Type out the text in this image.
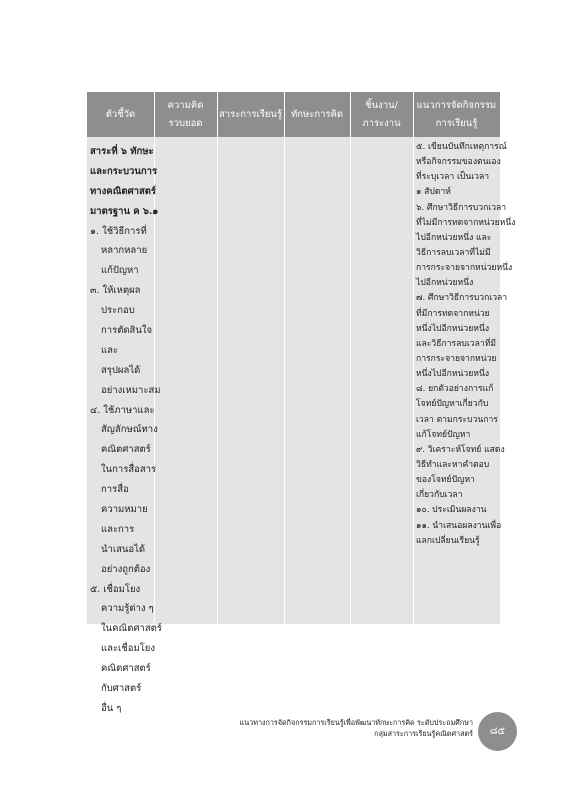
ตัวชี้วัด
ความคิด
รวบยอด
สาระการเรียนรู้ ทักษะการคิด
ชิ้นงาน/
ภาระงาน
แนวการจัดกิจกรรม
การเรียนรู้
สาระที่ ๖ ทักษะ
และกระบวนการ
ทางคณิตศาสตร์
มาตรฐาน ค ๖.๑
๑. ใช้วิธีการที่
หลากหลาย
แก้ปัญหา
๓. ให้เหตุผล
ประกอบ
การตัดสินใจ
และ
สรุปผลได้
อย่างเหมาะสม
๔. ใช้ภาษาและ
สัญลักษณ์ทาง
คณิตศาสตร์
ในการสื่อสาร
การสื่อ
ความหมาย
และการ
นำเสนอได้
อย่างถูกต้อง
๕. เชื่อมโยง
ความรู้ต่าง ๆ
ในคณิตศาสตร์
และเชื่อมโยง
คณิตศาสตร์
กับศาสตร์
อื่น ๆ
๕. เขียนบันทึกเหตุการณ์
หรือกิจกรรมของตนเอง
ที่ระบุเวลา เป็นเวลา
๑ สัปดาห์
๖. ศึกษาวิธีการบวกเวลา
ที่ไม่มีการทดจากหน่วยหนึ่ง
ไปอีกหน่วยหนึ่ง และ
วิธีการลบเวลาที่ไม่มี
การกระจายจากหน่วยหนึ่ง
ไปอีกหน่วยหนึ่ง
๗. ศึกษาวิธีการบวกเวลา
ที่มีการทดจากหน่วย
หนึ่งไปอีกหน่วยหนึ่ง
และวิธีการลบเวลาที่มี
การกระจายจากหน่วย
หนึ่งไปอีกหน่วยหนึ่ง
๘. ยกตัวอย่างการแก้
โจทย์ปัญหาเกี่ยวกับ
เวลา ตามกระบวนการ
แก้โจทย์ปัญหา
๙. วิเคราะห์โจทย์ แสดง
วิธีทำและหาคำตอบ
ของโจทย์ปัญหา
เกี่ยวกับเวลา
๑๐. ประเมินผลงาน
๑๑. นำเสนอผลงานเพื่อ
แลกเปลี่ยนเรียนรู้
แนวทางการจัดกิจกรรมการเรียนรู้เพื่อพัฒนาทักษะการคิด ระดับประถมศึกษา
กลุ่มสาระการเรียนรู้คณิตศาสตร์	๘๕
